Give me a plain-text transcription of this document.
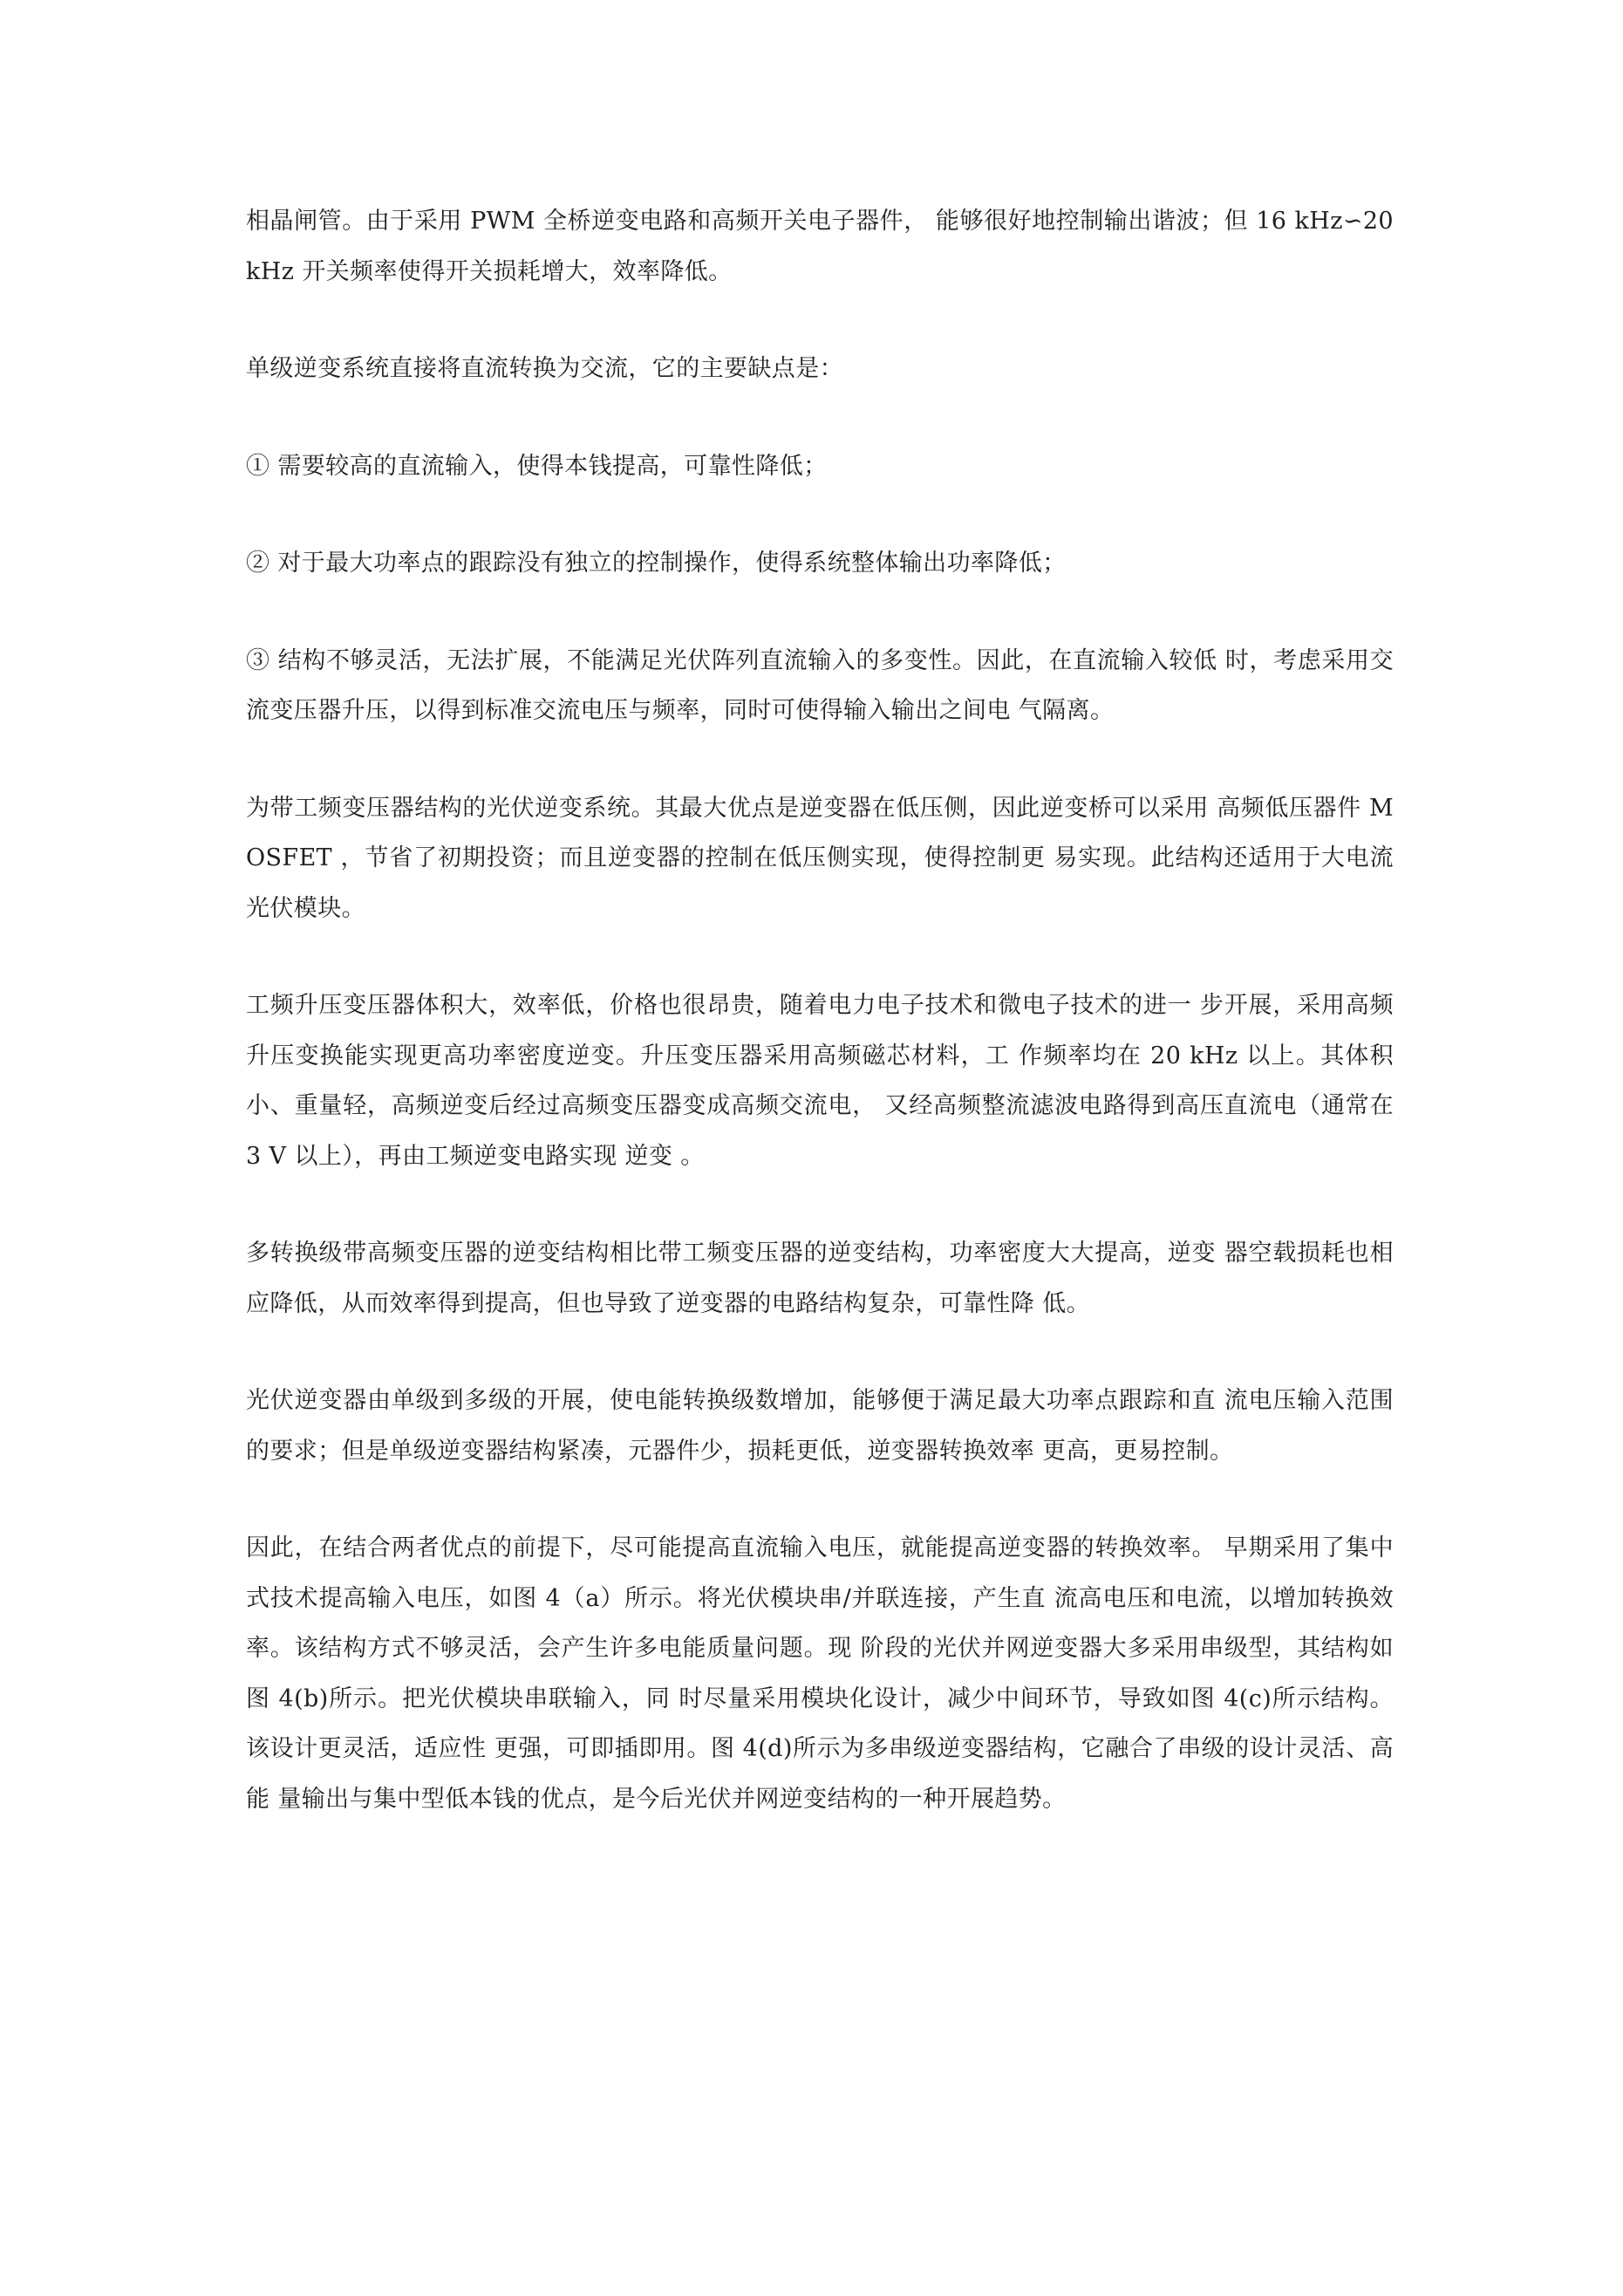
相晶闸管。由于采用 PWM 全桥逆变电路和高频开关电子器件， 能够很好地控制输出谐波；但 16 kHz∽20 kHz 开关频率使得开关损耗增大，效率降低。

单级逆变系统直接将直流转换为交流，它的主要缺点是：

① 需要较高的直流输入，使得本钱提高，可靠性降低；

② 对于最大功率点的跟踪没有独立的控制操作，使得系统整体输出功率降低；

③ 结构不够灵活，无法扩展，不能满足光伏阵列直流输入的多变性。因此，在直流输入较低 时，考虑采用交流变压器升压，以得到标准交流电压与频率，同时可使得输入输出之间电 气隔离。

为带工频变压器结构的光伏逆变系统。其最大优点是逆变器在低压侧，因此逆变桥可以采用 高频低压器件 MOSFET ，节省了初期投资；而且逆变器的控制在低压侧实现，使得控制更 易实现。此结构还适用于大电流光伏模块。

工频升压变压器体积大，效率低，价格也很昂贵，随着电力电子技术和微电子技术的进一 步开展，采用高频升压变换能实现更高功率密度逆变。升压变压器采用高频磁芯材料，工 作频率均在 20 kHz 以上。其体积小、重量轻，高频逆变后经过高频变压器变成高频交流电， 又经高频整流滤波电路得到高压直流电（通常在 3 V 以上），再由工频逆变电路实现 逆变 。

多转换级带高频变压器的逆变结构相比带工频变压器的逆变结构，功率密度大大提高，逆变 器空载损耗也相应降低，从而效率得到提高，但也导致了逆变器的电路结构复杂，可靠性降 低。

光伏逆变器由单级到多级的开展，使电能转换级数增加，能够便于满足最大功率点跟踪和直 流电压输入范围的要求；但是单级逆变器结构紧凑，元器件少，损耗更低，逆变器转换效率 更高，更易控制。

因此，在结合两者优点的前提下，尽可能提高直流输入电压，就能提高逆变器的转换效率。 早期采用了集中式技术提高输入电压，如图 4（a）所示。将光伏模块串/并联连接，产生直 流高电压和电流，以增加转换效率。该结构方式不够灵活，会产生许多电能质量问题。现 阶段的光伏并网逆变器大多采用串级型，其结构如图 4(b)所示。把光伏模块串联输入，同 时尽量采用模块化设计，减少中间环节，导致如图 4(c)所示结构。该设计更灵活，适应性 更强，可即插即用。图 4(d)所示为多串级逆变器结构，它融合了串级的设计灵活、高能 量输出与集中型低本钱的优点，是今后光伏并网逆变结构的一种开展趋势。
